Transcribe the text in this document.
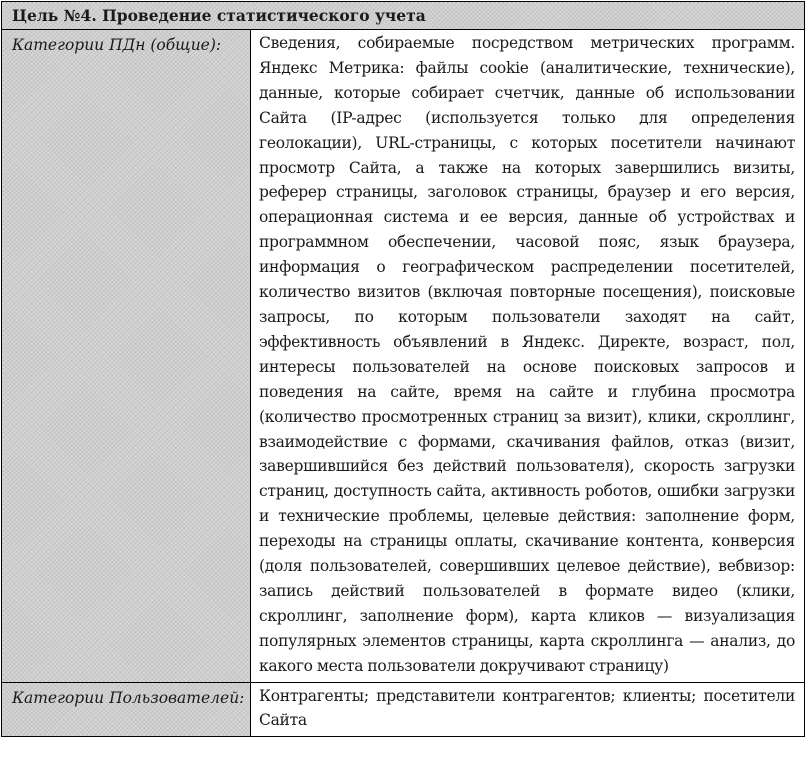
Цель №4. Проведение статистического учета	
Категории ПДн (общие):	Сведения, собираемые посредством метрических программ. Яндекс Метрика: файлы cookie (аналитические, технические), данные, которые собирает счетчик, данные об использовании Сайта (IP-адрес (используется только для определения геолокации), URL-страницы, с которых посетители начинают просмотр Сайта, а также на которых завершились визиты, реферер страницы, заголовок страницы, браузер и его версия, операционная система и ее версия, данные об устройствах и программном обеспечении, часовой пояс, язык браузера, информация о географическом распределении посетителей, количество визитов (включая повторные посещения), поисковые запросы, по которым пользователи заходят на сайт, эффективность объявлений в Яндекс. Директе, возраст, пол, интересы пользователей на основе поисковых запросов и поведения на сайте, время на сайте и глубина просмотра (количество просмотренных страниц за визит), клики, скроллинг, взаимодействие с формами, скачивания файлов, отказ (визит, завершившийся без действий пользователя), скорость загрузки страниц, доступность сайта, активность роботов, ошибки загрузки и технические проблемы, целевые действия: заполнение форм, переходы на страницы оплаты, скачивание контента, конверсия (доля пользователей, совершивших целевое действие), вебвизор: запись действий пользователей в формате видео (клики, скроллинг, заполнение форм), карта кликов — визуализация популярных элементов страницы, карта скроллинга — анализ, до какого места пользователи докручивают страницу)

Категории Пользователей:	Контрагенты; представители контрагентов; клиенты; посетители Сайта
